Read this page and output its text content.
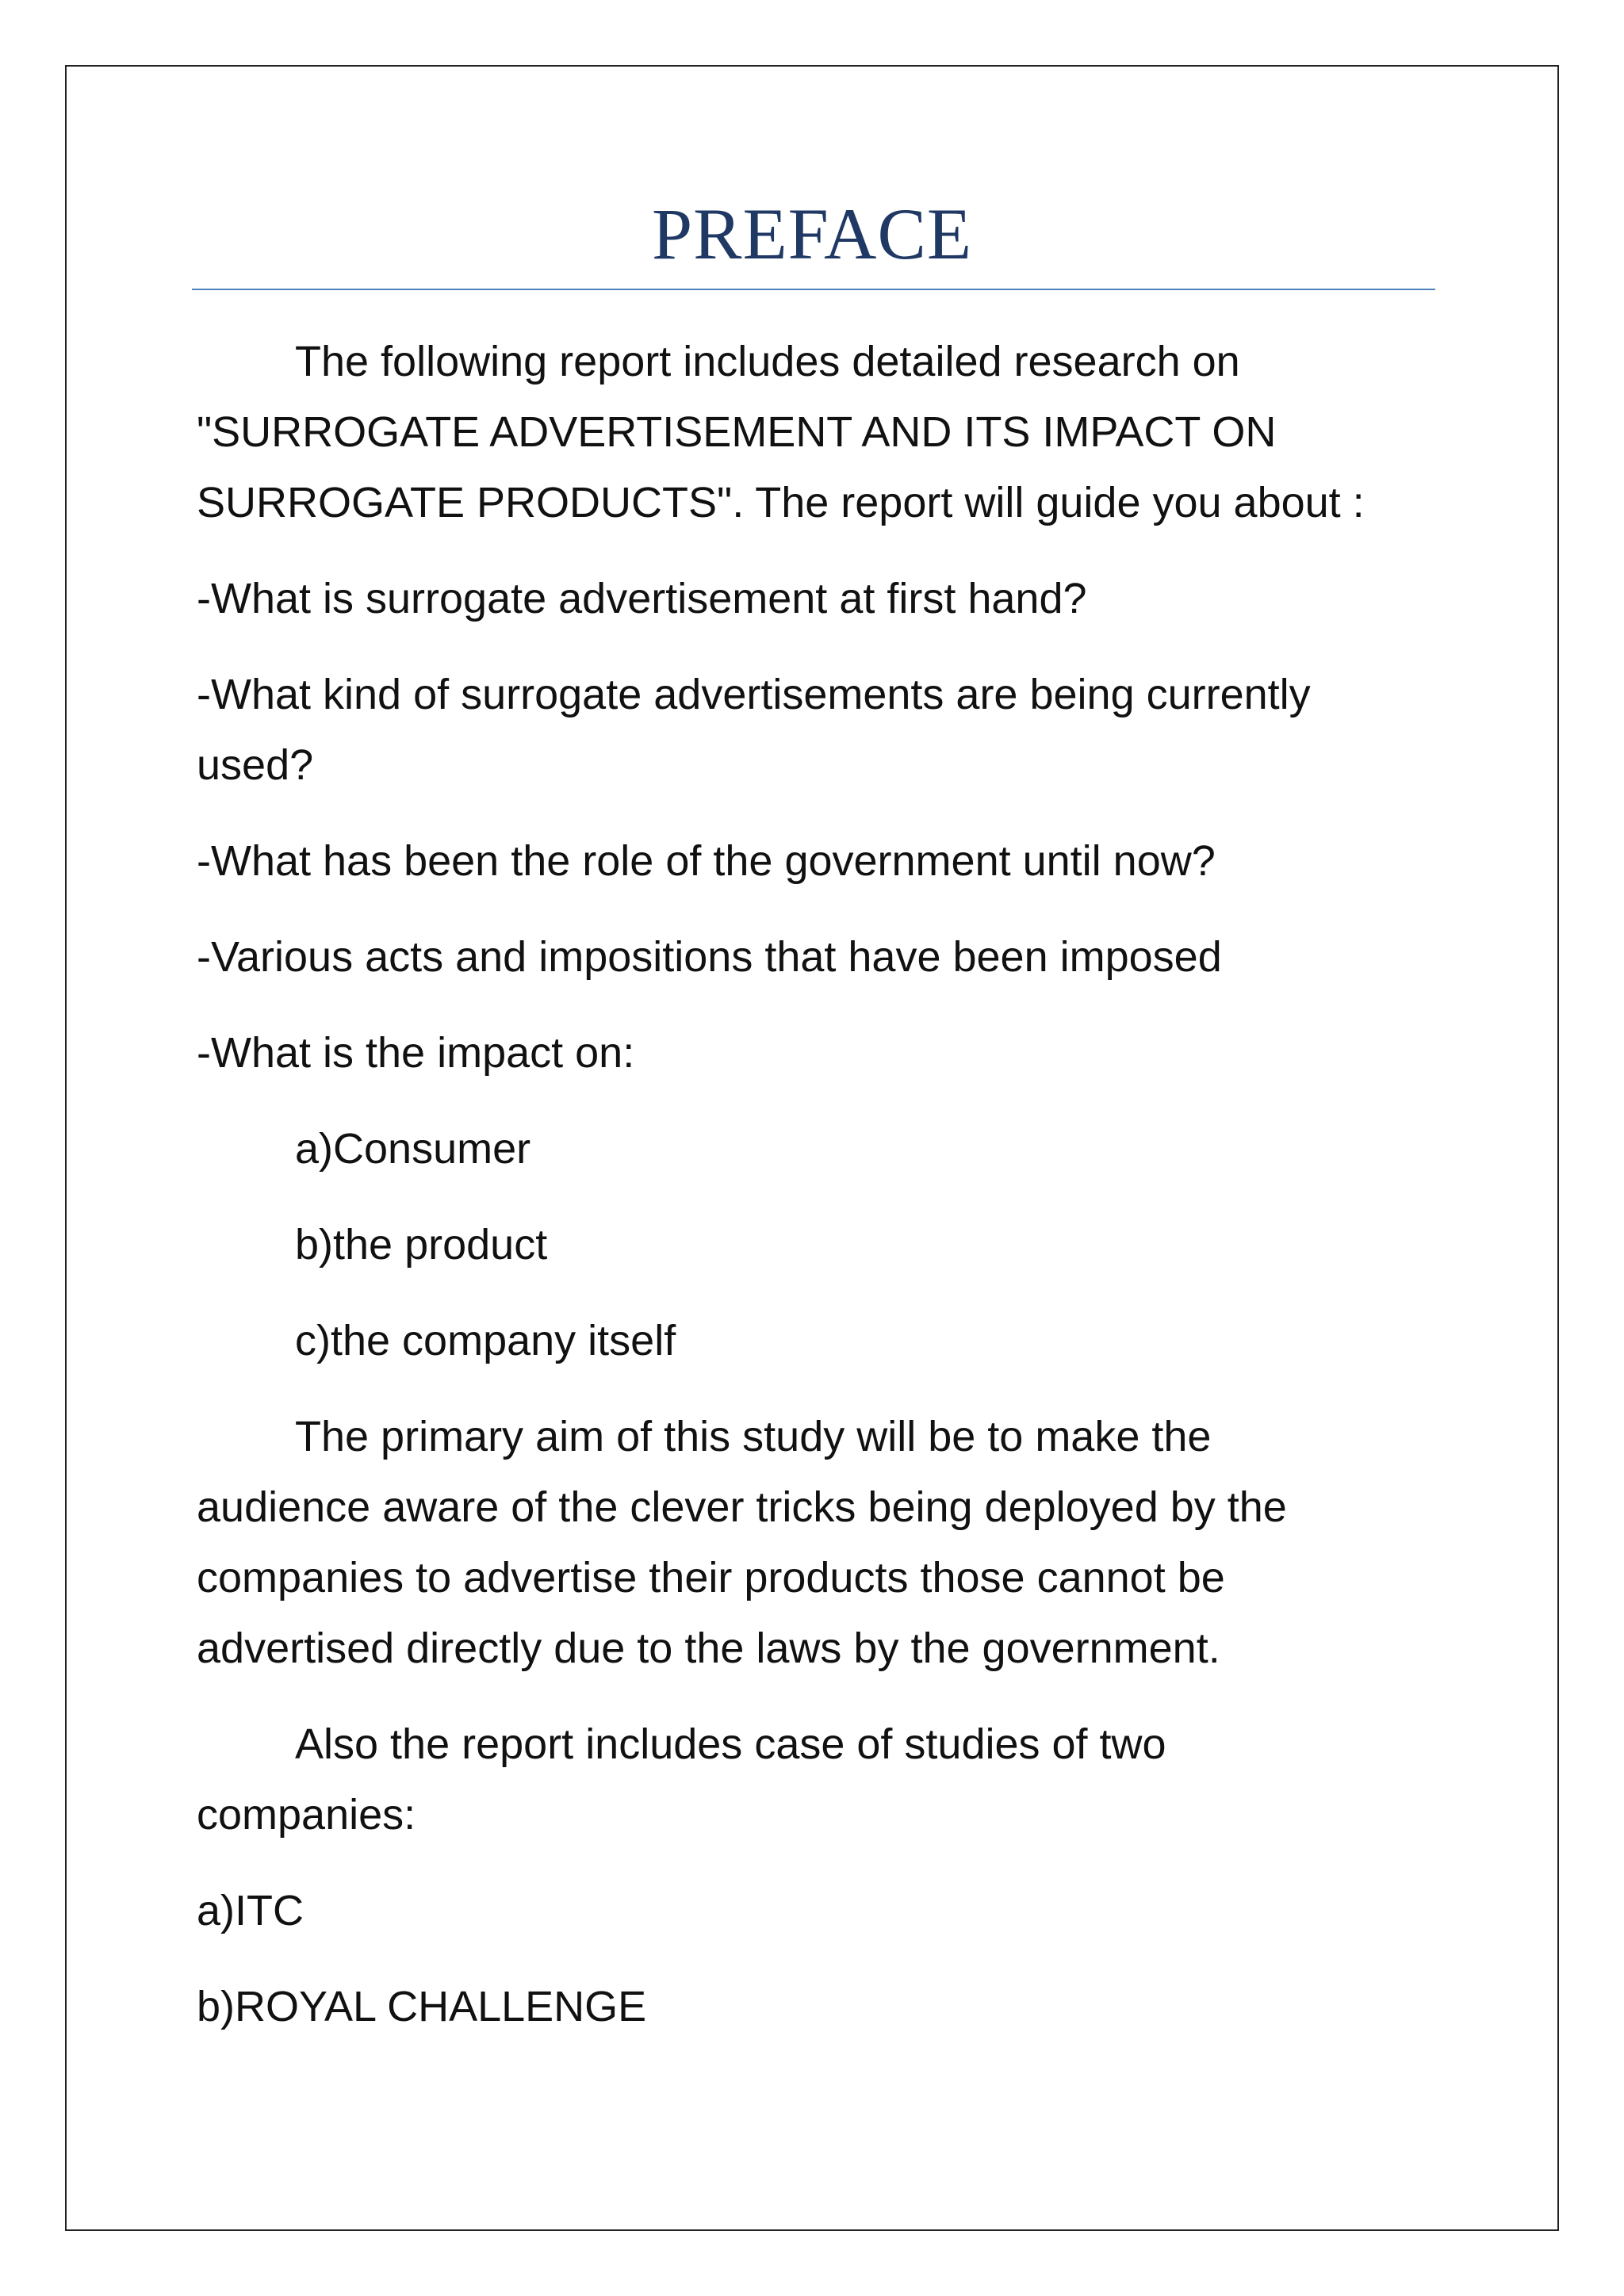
PREFACE
The following report includes detailed research on
"SURROGATE ADVERTISEMENT AND ITS IMPACT ON
SURROGATE PRODUCTS". The report will guide you about :
-What is surrogate advertisement at first hand?
-What kind of surrogate advertisements are being currently
used?
-What has been the role of the government until now?
-Various acts and impositions that have been imposed
-What is the impact on:
a)Consumer
b)the product
c)the company itself
The primary aim of this study will be to make the
audience aware of the clever tricks being deployed by the
companies to advertise their products those cannot be
advertised directly due to the laws by the government.
Also the report includes case of studies of two
companies:
a)ITC
b)ROYAL CHALLENGE
